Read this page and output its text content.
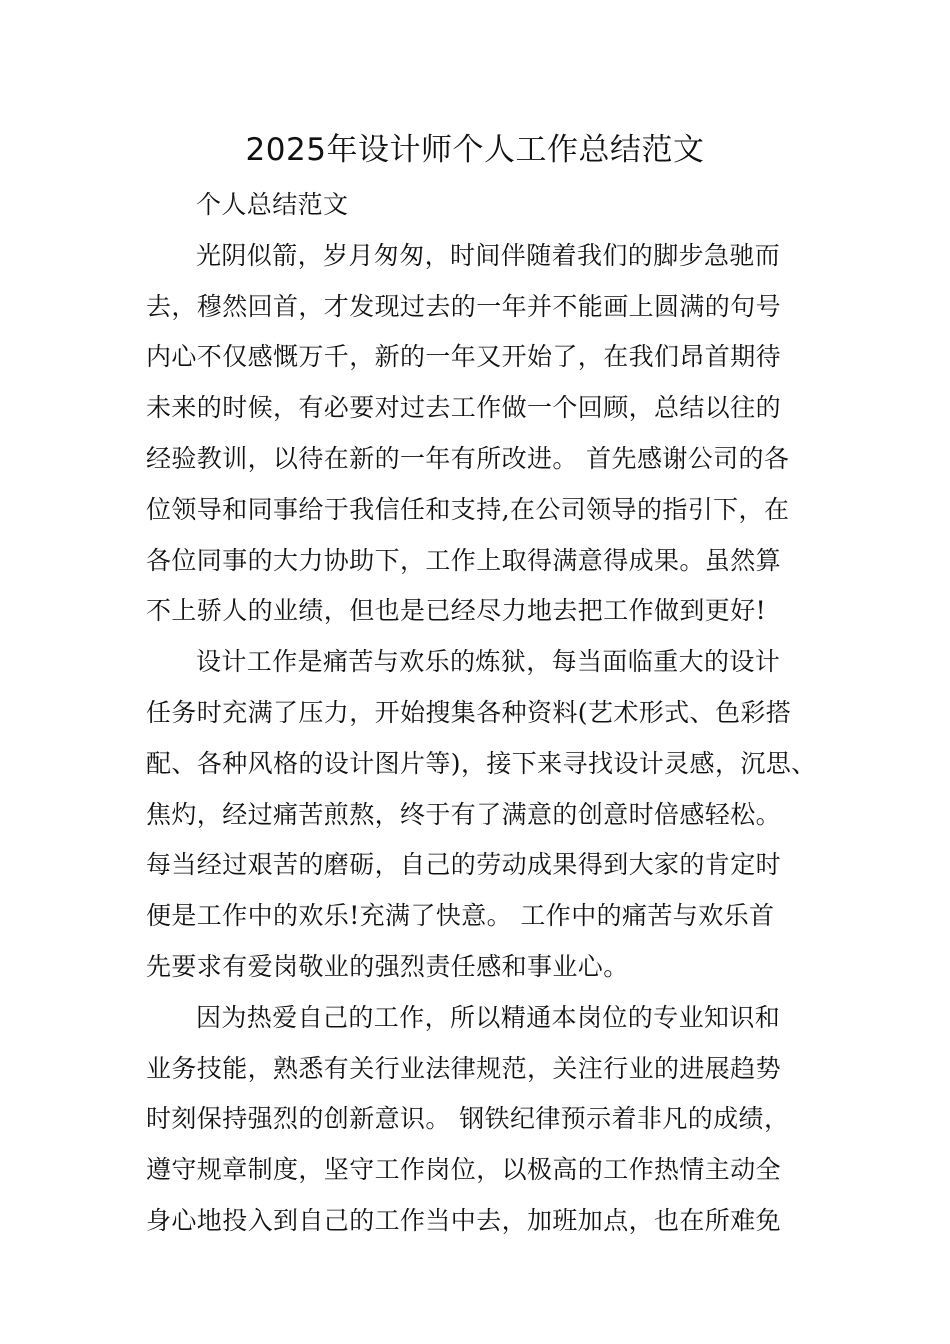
2025年设计师个人工作总结范文
个人总结范文
光阴似箭，岁月匆匆，时间伴随着我们的脚步急驰而
去，穆然回首，才发现过去的一年并不能画上圆满的句号
内心不仅感慨万千，新的一年又开始了，在我们昂首期待
未来的时候，有必要对过去工作做一个回顾，总结以往的
经验教训，以待在新的一年有所改进。 首先感谢公司的各
位领导和同事给于我信任和支持,在公司领导的指引下，在
各位同事的大力协助下，工作上取得满意得成果。虽然算
不上骄人的业绩，但也是已经尽力地去把工作做到更好!
设计工作是痛苦与欢乐的炼狱，每当面临重大的设计
任务时充满了压力，开始搜集各种资料(艺术形式、色彩搭
配、各种风格的设计图片等)，接下来寻找设计灵感，沉思、
焦灼，经过痛苦煎熬，终于有了满意的创意时倍感轻松。
每当经过艰苦的磨砺，自己的劳动成果得到大家的肯定时
便是工作中的欢乐!充满了快意。 工作中的痛苦与欢乐首
先要求有爱岗敬业的强烈责任感和事业心。
因为热爱自己的工作，所以精通本岗位的专业知识和
业务技能，熟悉有关行业法律规范，关注行业的进展趋势
时刻保持强烈的创新意识。 钢铁纪律预示着非凡的成绩，
遵守规章制度，坚守工作岗位，以极高的工作热情主动全
身心地投入到自己的工作当中去，加班加点，也在所难免
